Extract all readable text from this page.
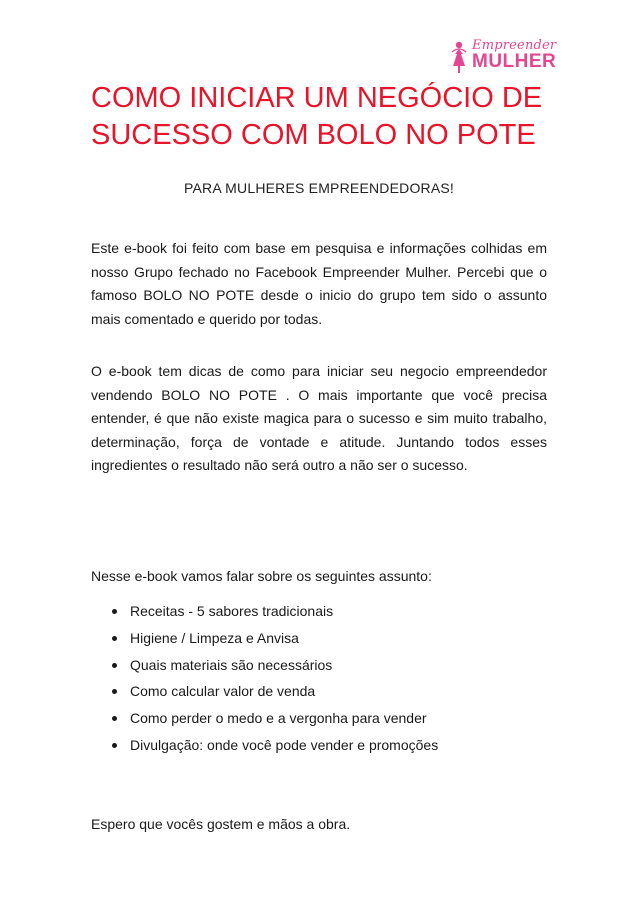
Empreender
MULHER
COMO INICIAR UM NEGÓCIO DE SUCESSO COM BOLO NO POTE
PARA MULHERES EMPREENDEDORAS!

Este e-book foi feito com base em pesquisa e informações colhidas em nosso Grupo fechado no Facebook Empreender Mulher. Percebi que o famoso BOLO NO POTE desde o inicio do grupo tem sido o assunto mais comentado e querido por todas.

O e-book tem dicas de como para iniciar seu negocio empreendedor vendendo BOLO NO POTE . O mais importante que você precisa entender, é que não existe magica para o sucesso e sim muito trabalho, determinação, força de vontade e atitude. Juntando todos esses ingredientes o resultado não será outro a não ser o sucesso.

Nesse e-book vamos falar sobre os seguintes assunto:

Receitas - 5 sabores tradicionais
Higiene / Limpeza e Anvisa
Quais materiais são necessários
Como calcular valor de venda
Como perder o medo e a vergonha para vender
Divulgação: onde você pode vender e promoções

Espero que vocês gostem e mãos a obra.
